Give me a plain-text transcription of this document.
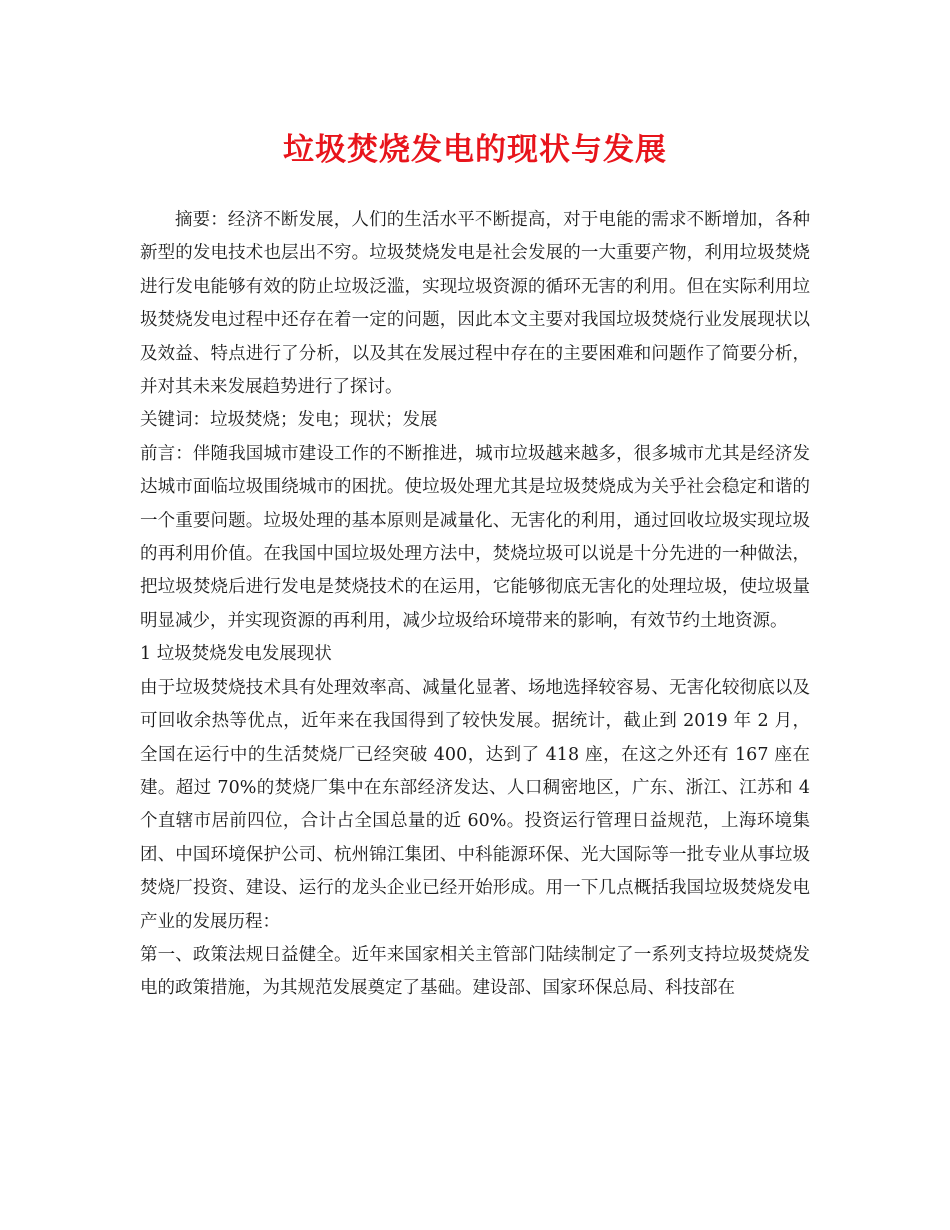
垃圾焚烧发电的现状与发展

摘要：经济不断发展，人们的生活水平不断提高，对于电能的需求不断增加，各种新型的发电技术也层出不穷。垃圾焚烧发电是社会发展的一大重要产物，利用垃圾焚烧进行发电能够有效的防止垃圾泛滥，实现垃圾资源的循环无害的利用。但在实际利用垃圾焚烧发电过程中还存在着一定的问题，因此本文主要对我国垃圾焚烧行业发展现状以及效益、特点进行了分析，以及其在发展过程中存在的主要困难和问题作了简要分析，并对其未来发展趋势进行了探讨。

关键词：垃圾焚烧；发电；现状；发展

前言：伴随我国城市建设工作的不断推进，城市垃圾越来越多，很多城市尤其是经济发达城市面临垃圾围绕城市的困扰。使垃圾处理尤其是垃圾焚烧成为关乎社会稳定和谐的一个重要问题。垃圾处理的基本原则是减量化、无害化的利用，通过回收垃圾实现垃圾的再利用价值。在我国中国垃圾处理方法中，焚烧垃圾可以说是十分先进的一种做法，把垃圾焚烧后进行发电是焚烧技术的在运用，它能够彻底无害化的处理垃圾，使垃圾量明显减少，并实现资源的再利用，减少垃圾给环境带来的影响，有效节约土地资源。

1 垃圾焚烧发电发展现状

由于垃圾焚烧技术具有处理效率高、减量化显著、场地选择较容易、无害化较彻底以及可回收余热等优点，近年来在我国得到了较快发展。据统计，截止到 2019 年 2 月，全国在运行中的生活焚烧厂已经突破 400，达到了 418 座，在这之外还有 167 座在建。超过 70%的焚烧厂集中在东部经济发达、人口稠密地区，广东、浙江、江苏和 4 个直辖市居前四位，合计占全国总量的近 60%。投资运行管理日益规范，上海环境集团、中国环境保护公司、杭州锦江集团、中科能源环保、光大国际等一批专业从事垃圾焚烧厂投资、建设、运行的龙头企业已经开始形成。用一下几点概括我国垃圾焚烧发电产业的发展历程：

第一、政策法规日益健全。近年来国家相关主管部门陆续制定了一系列支持垃圾焚烧发电的政策措施，为其规范发展奠定了基础。建设部、国家环保总局、科技部在
